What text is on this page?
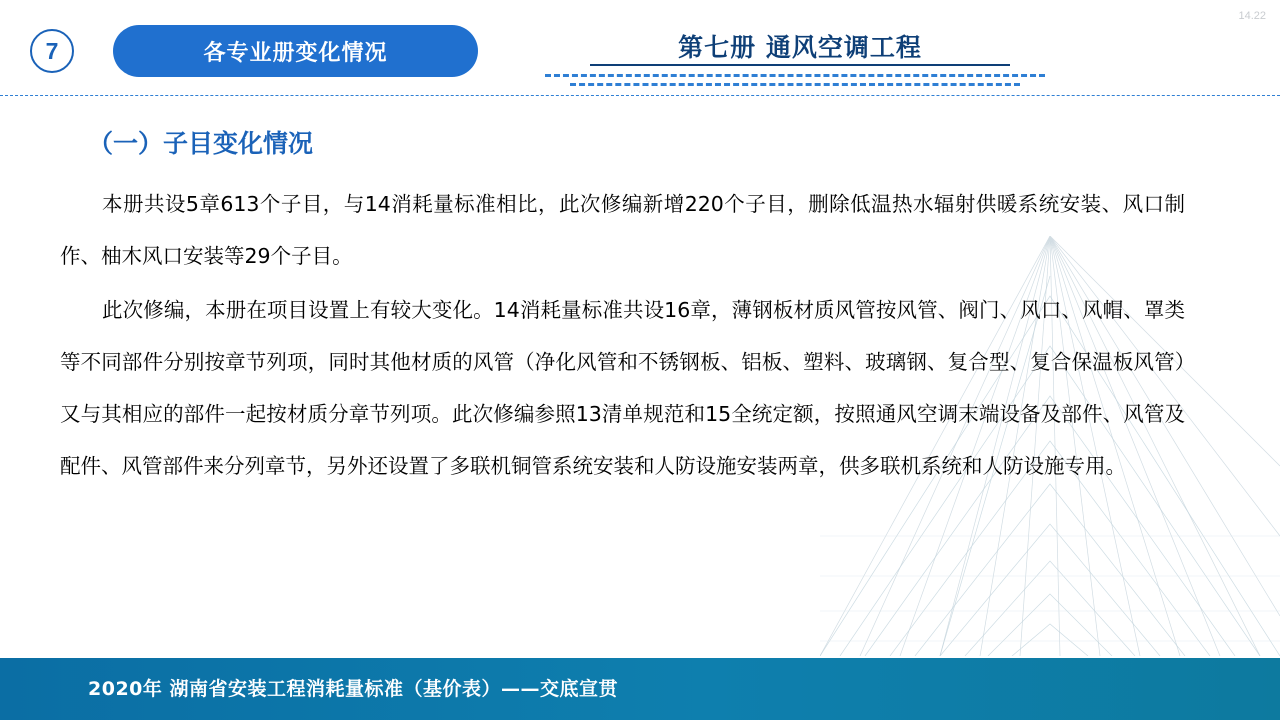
7	各专业册变化情况	第七册 通风空调工程
14.22
（一）子目变化情况

本册共设5章613个子目，与14消耗量标准相比，此次修编新增220个子目，删除低温热水辐射供暖系统安装、风口制作、柚木风口安装等29个子目。

此次修编，本册在项目设置上有较大变化。14消耗量标准共设16章，薄钢板材质风管按风管、阀门、风口、风帽、罩类等不同部件分别按章节列项，同时其他材质的风管（净化风管和不锈钢板、铝板、塑料、玻璃钢、复合型、复合保温板风管）又与其相应的部件一起按材质分章节列项。此次修编参照13清单规范和15全统定额，按照通风空调末端设备及部件、风管及配件、风管部件来分列章节，另外还设置了多联机铜管系统安装和人防设施安装两章，供多联机系统和人防设施专用。

2020年 湖南省安装工程消耗量标准（基价表）——交底宣贯
